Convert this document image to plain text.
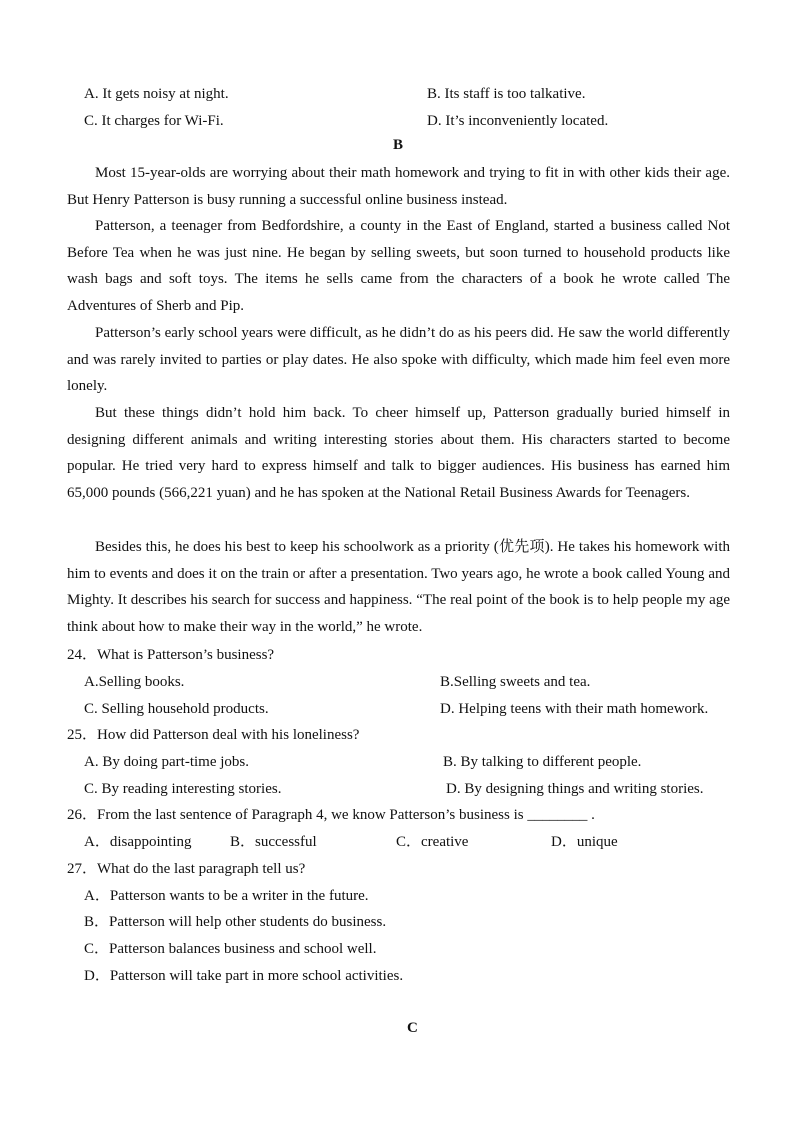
A. It gets noisy at night.	B. Its staff is too talkative.
C. It charges for Wi-Fi.	D. It’s inconveniently located.
B

Most 15-year-olds are worrying about their math homework and trying to fit in with other kids their age. But Henry Patterson is busy running a successful online business instead.

Patterson, a teenager from Bedfordshire, a county in the East of England, started a business called Not Before Tea when he was just nine. He began by selling sweets, but soon turned to household products like wash bags and soft toys. The items he sells came from the characters of a book he wrote called The Adventures of Sherb and Pip.

Patterson’s early school years were difficult, as he didn’t do as his peers did. He saw the world differently and was rarely invited to parties or play dates. He also spoke with difficulty, which made him feel even more lonely.

But these things didn’t hold him back. To cheer himself up, Patterson gradually buried himself in designing different animals and writing interesting stories about them. His characters started to become popular. He tried very hard to express himself and talk to bigger audiences. His business has earned him 65,000 pounds (566,221 yuan) and he has spoken at the National Retail Business Awards for Teenagers.

Besides this, he does his best to keep his schoolwork as a priority (优先项). He takes his homework with him to events and does it on the train or after a presentation. Two years ago, he wrote a book called Young and Mighty. It describes his search for success and happiness. “The real point of the book is to help people my age think about how to make their way in the world,” he wrote.

24．What is Patterson’s business?
A.Selling books.	B.Selling sweets and tea.
C. Selling household products.	D. Helping teens with their math homework.
25．How did Patterson deal with his loneliness?
A. By doing part-time jobs.	B. By talking to different people.
C. By reading interesting stories.	D. By designing things and writing stories.
26．From the last sentence of Paragraph 4, we know Patterson’s business is ________ .
A．disappointing	B．successful	C．creative	D．unique
27．What do the last paragraph tell us?
A．Patterson wants to be a writer in the future.
B．Patterson will help other students do business.
C．Patterson balances business and school well.
D．Patterson will take part in more school activities.
C
